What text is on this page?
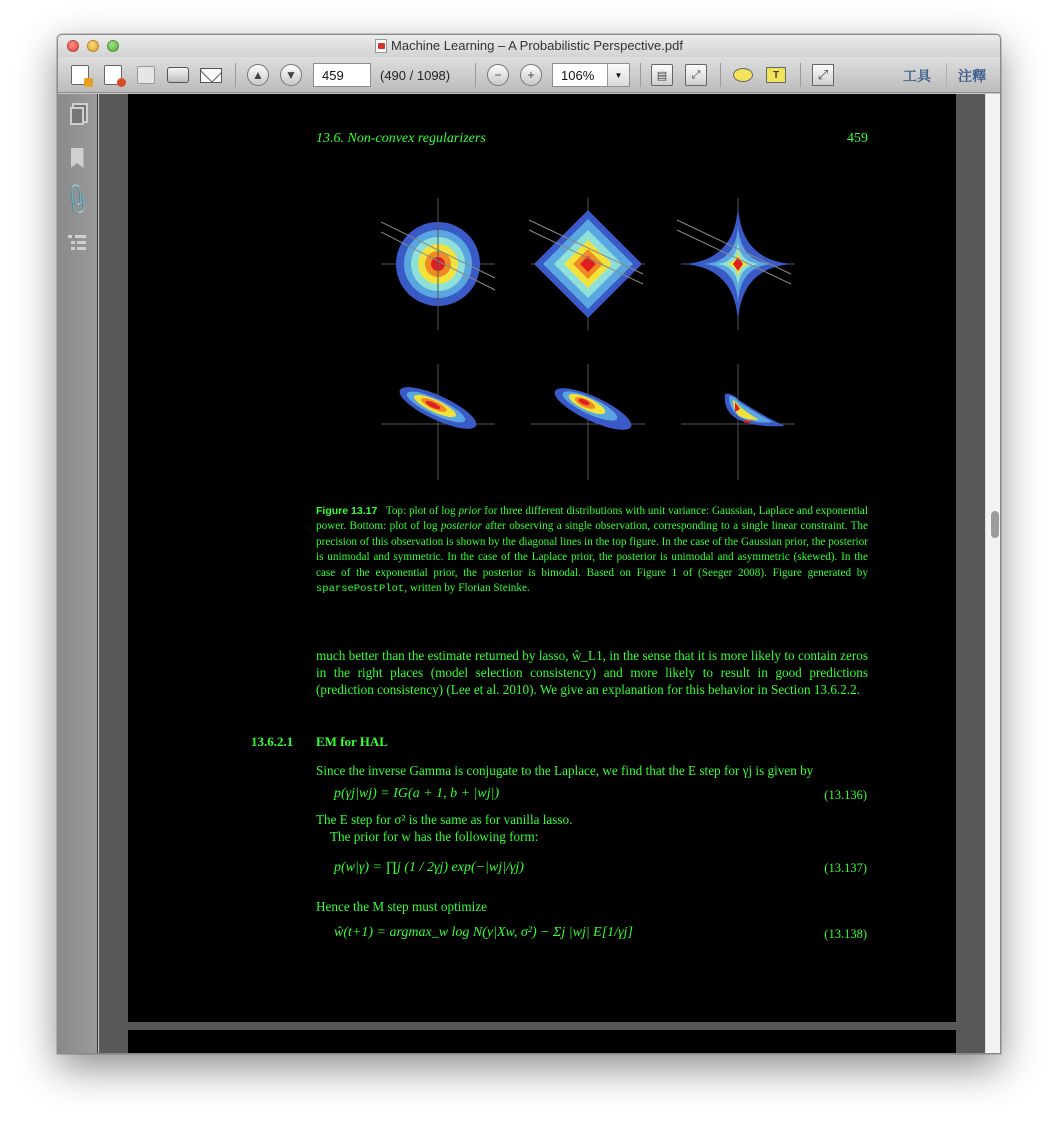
Machine Learning – A Probabilistic Perspective.pdf
▲	▼
459	(490 / 1098)	−	+	106%	▼	▤	⤢	T	⤢	工具 注釋
📎
13.6. Non-convex regularizers	459
Figure 13.17 Top: plot of log prior for three different distributions with unit variance: Gaussian, Laplace and exponential power. Bottom: plot of log posterior after observing a single observation, corresponding to a single linear constraint. The precision of this observation is shown by the diagonal lines in the top figure. In the case of the Gaussian prior, the posterior is unimodal and symmetric. In the case of the Laplace prior, the posterior is unimodal and asymmetric (skewed). In the case of the exponential prior, the posterior is bimodal. Based on Figure 1 of (Seeger 2008). Figure generated by sparsePostPlot, written by Florian Steinke.
much better than the estimate returned by lasso, ŵ_L1, in the sense that it is more likely to contain zeros in the right places (model selection consistency) and more likely to result in good predictions (prediction consistency) (Lee et al. 2010). We give an explanation for this behavior in Section 13.6.2.2.
13.6.2.1 EM for HAL
Since the inverse Gamma is conjugate to the Laplace, we find that the E step for γj is given by
p(γj|wj) = IG(a + 1, b + |wj|)	(13.136)
The E step for σ² is the same as for vanilla lasso.
The prior for w has the following form:
p(w|γ) = ∏j (1 / 2γj) exp(−|wj|/γj)	(13.137)
Hence the M step must optimize
ŵ(t+1) = argmax_w log N(y|Xw, σ²) − Σj |wj| E[1/γj]	(13.138)
